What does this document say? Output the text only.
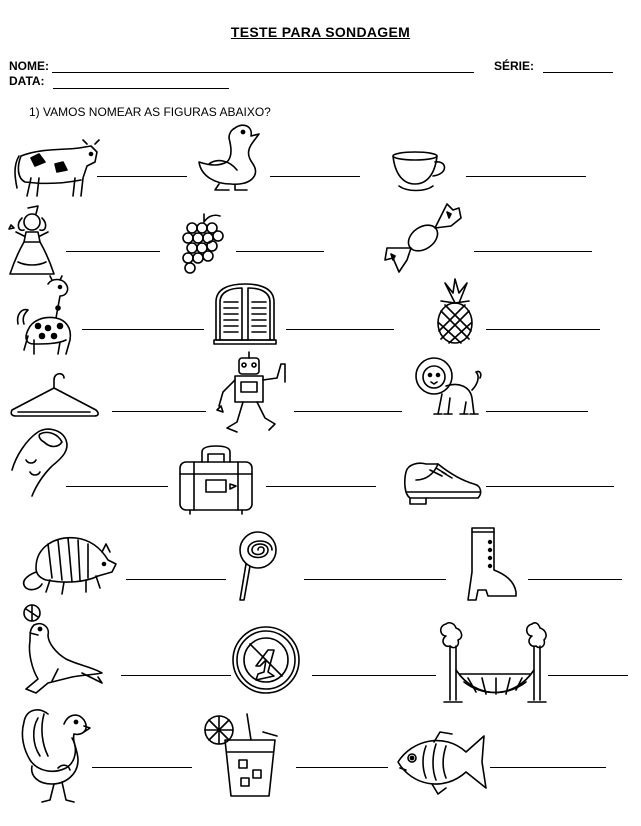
TESTE PARA SONDAGEM
NOME:	SÉRIE:
DATA:
1) VAMOS NOMEAR AS FIGURAS ABAIXO?
